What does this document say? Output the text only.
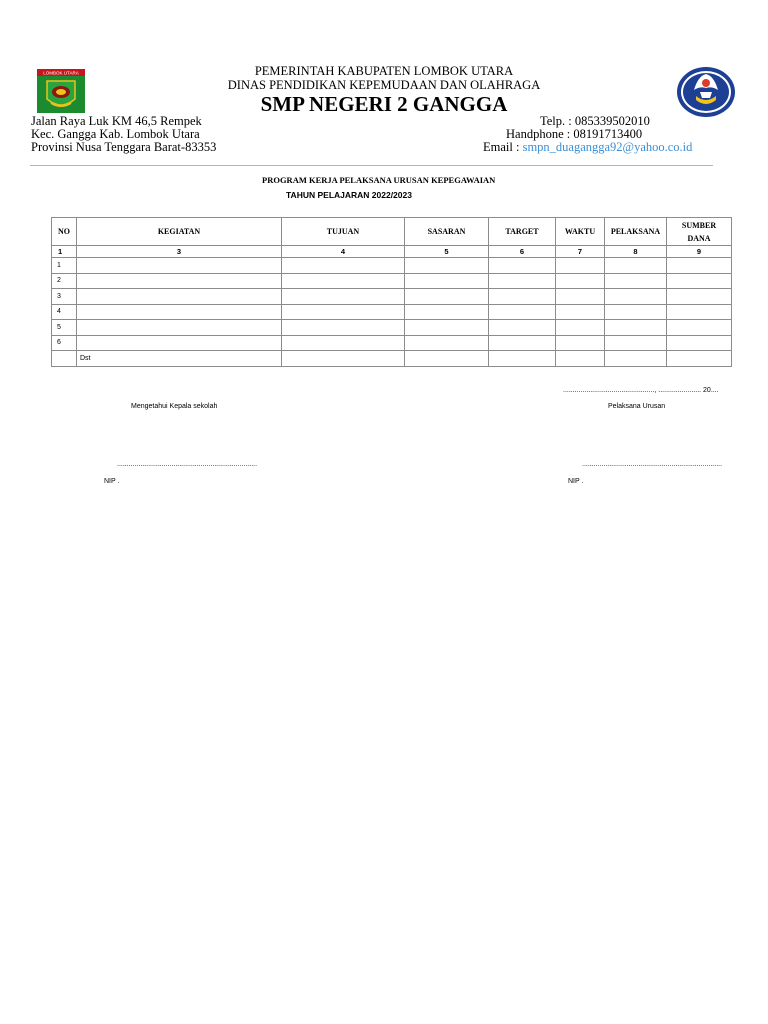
LOMBOK UTARA	PEMERINTAH KABUPATEN LOMBOK UTARA
DINAS PENDIDIKAN KEPEMUDAAN DAN OLAHRAGA
SMP NEGERI 2 GANGGA
Jalan Raya Luk KM 46,5 Rempek
Kec. Gangga Kab. Lombok Utara
Provinsi Nusa Tenggara Barat-83353
Telp. : 085339502010
Handphone : 08191713400
Email : smpn_duagangga92@yahoo.co.id
PROGRAM KERJA PELAKSANA URUSAN KEPEGAWAIAN
TAHUN PELAJARAN 2022/2023
NO	KEGIATAN	TUJUAN	SASARAN	TARGET	WAKTU	PELAKSANA	SUMBER DANA
1	3	4	5	6	7	8	9
1							
2							
3							
4							
5							
6							
	Dst						
..............................................., ...................... 20....
Mengetahui Kepala sekolah	Pelaksana Urusan
........................................................................	........................................................................
NIP .	NIP .
